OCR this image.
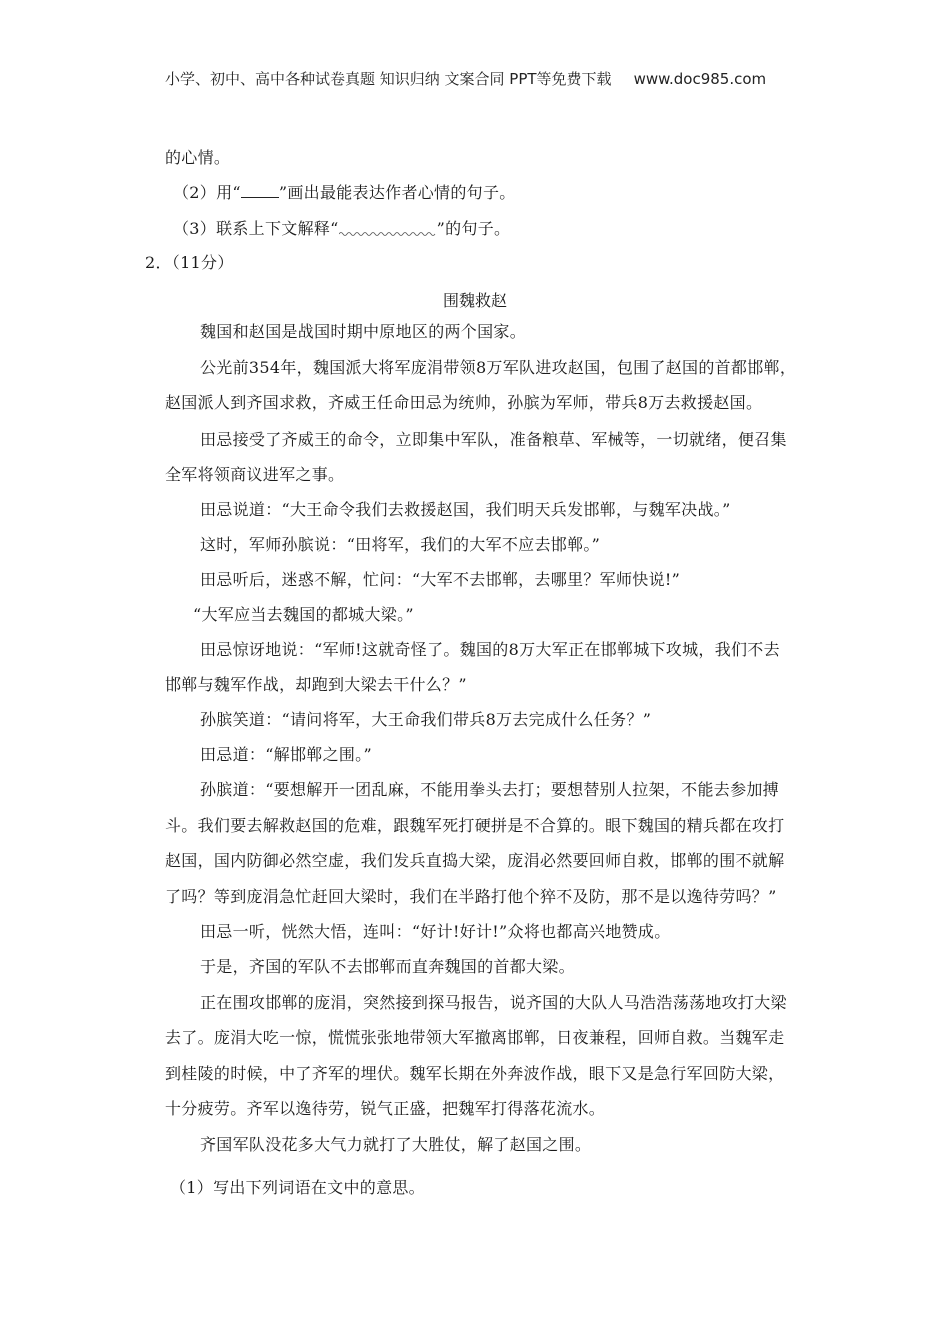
小学、初中、高中各种试卷真题 知识归纳 文案合同 PPT等免费下载 www.doc985.com
的心情。
（2）用“ ”画出最能表达作者心情的句子。
（3）联系上下文解释“	”的句子。
2．（11分）
围魏救赵
魏国和赵国是战国时期中原地区的两个国家。
公光前354年，魏国派大将军庞涓带领8万军队进攻赵国，包围了赵国的首都邯郸，
赵国派人到齐国求救，齐威王任命田忌为统帅，孙膑为军师，带兵8万去救援赵国。
田忌接受了齐威王的命令，立即集中军队，准备粮草、军械等，一切就绪，便召集
全军将领商议进军之事。
田忌说道：“大王命令我们去救援赵国，我们明天兵发邯郸，与魏军决战。”
这时，军师孙膑说：“田将军，我们的大军不应去邯郸。”
田忌听后，迷惑不解，忙问：“大军不去邯郸，去哪里？军师快说!”
“大军应当去魏国的都城大梁。”
田忌惊讶地说：“军师!这就奇怪了。魏国的8万大军正在邯郸城下攻城，我们不去
邯郸与魏军作战，却跑到大梁去干什么？”
孙膑笑道：“请问将军，大王命我们带兵8万去完成什么任务？”
田忌道：“解邯郸之围。”
孙膑道：“要想解开一团乱麻，不能用拳头去打；要想替别人拉架，不能去参加搏
斗。我们要去解救赵国的危难，跟魏军死打硬拼是不合算的。眼下魏国的精兵都在攻打
赵国，国内防御必然空虚，我们发兵直捣大梁，庞涓必然要回师自救，邯郸的围不就解
了吗？等到庞涓急忙赶回大梁时，我们在半路打他个猝不及防，那不是以逸待劳吗？”
田忌一听，恍然大悟，连叫：“好计!好计!”众将也都高兴地赞成。
于是，齐国的军队不去邯郸而直奔魏国的首都大梁。
正在围攻邯郸的庞涓，突然接到探马报告，说齐国的大队人马浩浩荡荡地攻打大梁
去了。庞涓大吃一惊，慌慌张张地带领大军撤离邯郸，日夜兼程，回师自救。当魏军走
到桂陵的时候，中了齐军的埋伏。魏军长期在外奔波作战，眼下又是急行军回防大梁，
十分疲劳。齐军以逸待劳，锐气正盛，把魏军打得落花流水。
齐国军队没花多大气力就打了大胜仗，解了赵国之围。
（1）写出下列词语在文中的意思。
